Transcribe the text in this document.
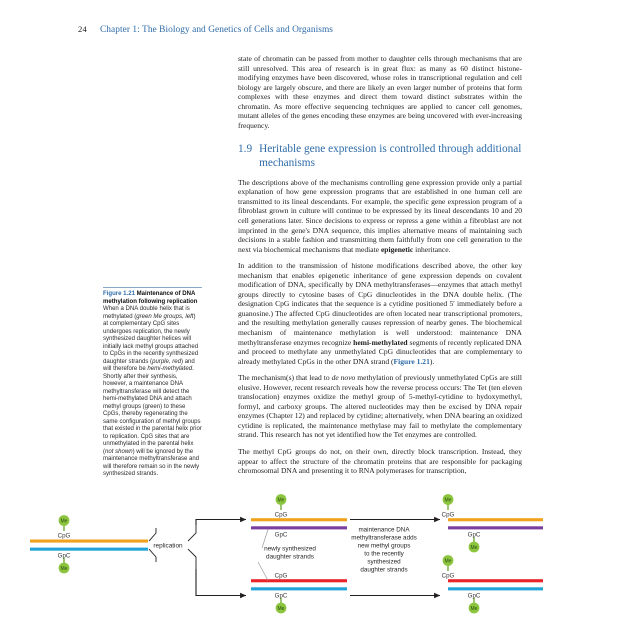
24 Chapter 1: The Biology and Genetics of Cells and Organisms

state of chromatin can be passed from mother to daughter cells through mechanisms that are still unresolved. This area of research is in great flux: as many as 60 distinct histone-modifying enzymes have been discovered, whose roles in transcriptional regulation and cell biology are largely obscure, and there are likely an even larger number of proteins that form complexes with these enzymes and direct them toward distinct substrates within the chromatin. As more effective sequencing techniques are applied to cancer cell genomes, mutant alleles of the genes encoding these enzymes are being uncovered with ever-increasing frequency.

1.9 Heritable gene expression is controlled through additional mechanisms

The descriptions above of the mechanisms controlling gene expression provide only a partial explanation of how gene expression programs that are established in one human cell are transmitted to its lineal descendants. For example, the specific gene expression program of a fibroblast grown in culture will continue to be expressed by its lineal descendants 10 and 20 cell generations later. Since decisions to express or repress a gene within a fibroblast are not imprinted in the gene's DNA sequence, this implies alternative means of maintaining such decisions in a stable fashion and transmitting them faithfully from one cell generation to the next via biochemical mechanisms that mediate epigenetic inheritance.

In addition to the transmission of histone modifications described above, the other key mechanism that enables epigenetic inheritance of gene expression depends on covalent modification of DNA, specifically by DNA methyltransferases—enzymes that attach methyl groups directly to cytosine bases of CpG dinucleotides in the DNA double helix. (The designation CpG indicates that the sequence is a cytidine positioned 5' immediately before a guanosine.) The affected CpG dinucleotides are often located near transcriptional promoters, and the resulting methylation generally causes repression of nearby genes. The biochemical mechanism of maintenance methylation is well understood: maintenance DNA methyltransferase enzymes recognize hemi-methylated segments of recently replicated DNA and proceed to methylate any unmethylated CpG dinucleotides that are complementary to already methylated CpGs in the other DNA strand (Figure 1.21).

The mechanism(s) that lead to de novo methylation of previously unmethylated CpGs are still elusive. However, recent research reveals how the reverse process occurs: The Tet (ten eleven translocation) enzymes oxidize the methyl group of 5-methyl-cytidine to hydoxymethyl, formyl, and carboxy groups. The altered nucleotides may then be excised by DNA repair enzymes (Chapter 12) and replaced by cytidine; alternatively, when DNA bearing an oxidized cytidine is replicated, the maintenance methylase may fail to methylate the complementary strand. This research has not yet identified how the Tet enzymes are controlled.

The methyl CpG groups do not, on their own, directly block transcription. Instead, they appear to affect the structure of the chromatin proteins that are responsible for packaging chromosomal DNA and presenting it to RNA polymerases for transcription,

Figure 1.21 Maintenance of DNA methylation following replication When a DNA double helix that is methylated (green Me groups, left) at complementary CpG sites undergoes replication, the newly synthesized daughter helices will initially lack methyl groups attached to CpGs in the recently synthesized daughter strands (purple, red) and will therefore be hemi-methylated. Shortly after their synthesis, however, a maintenance DNA methyltransferase will detect the hemi-methylated DNA and attach methyl groups (green) to these CpGs, thereby regenerating the same configuration of methyl groups that existed in the parental helix prior to replication. CpG sites that are unmethylated in the parental helix (not shown) will be ignored by the maintenance methyltransferase and will therefore remain so in the newly synthesized strands.
Me
CpG
GpC
Me
replication
Me
CpG
GpC
CpG
GpC
Me
newly synthesized
daughter strands
maintenance DNA
methyltransferase adds
new methyl groups
to the recently
synthesized
daughter strands
Me
CpG
GpC
Me
Me
CpG
GpC
Me
